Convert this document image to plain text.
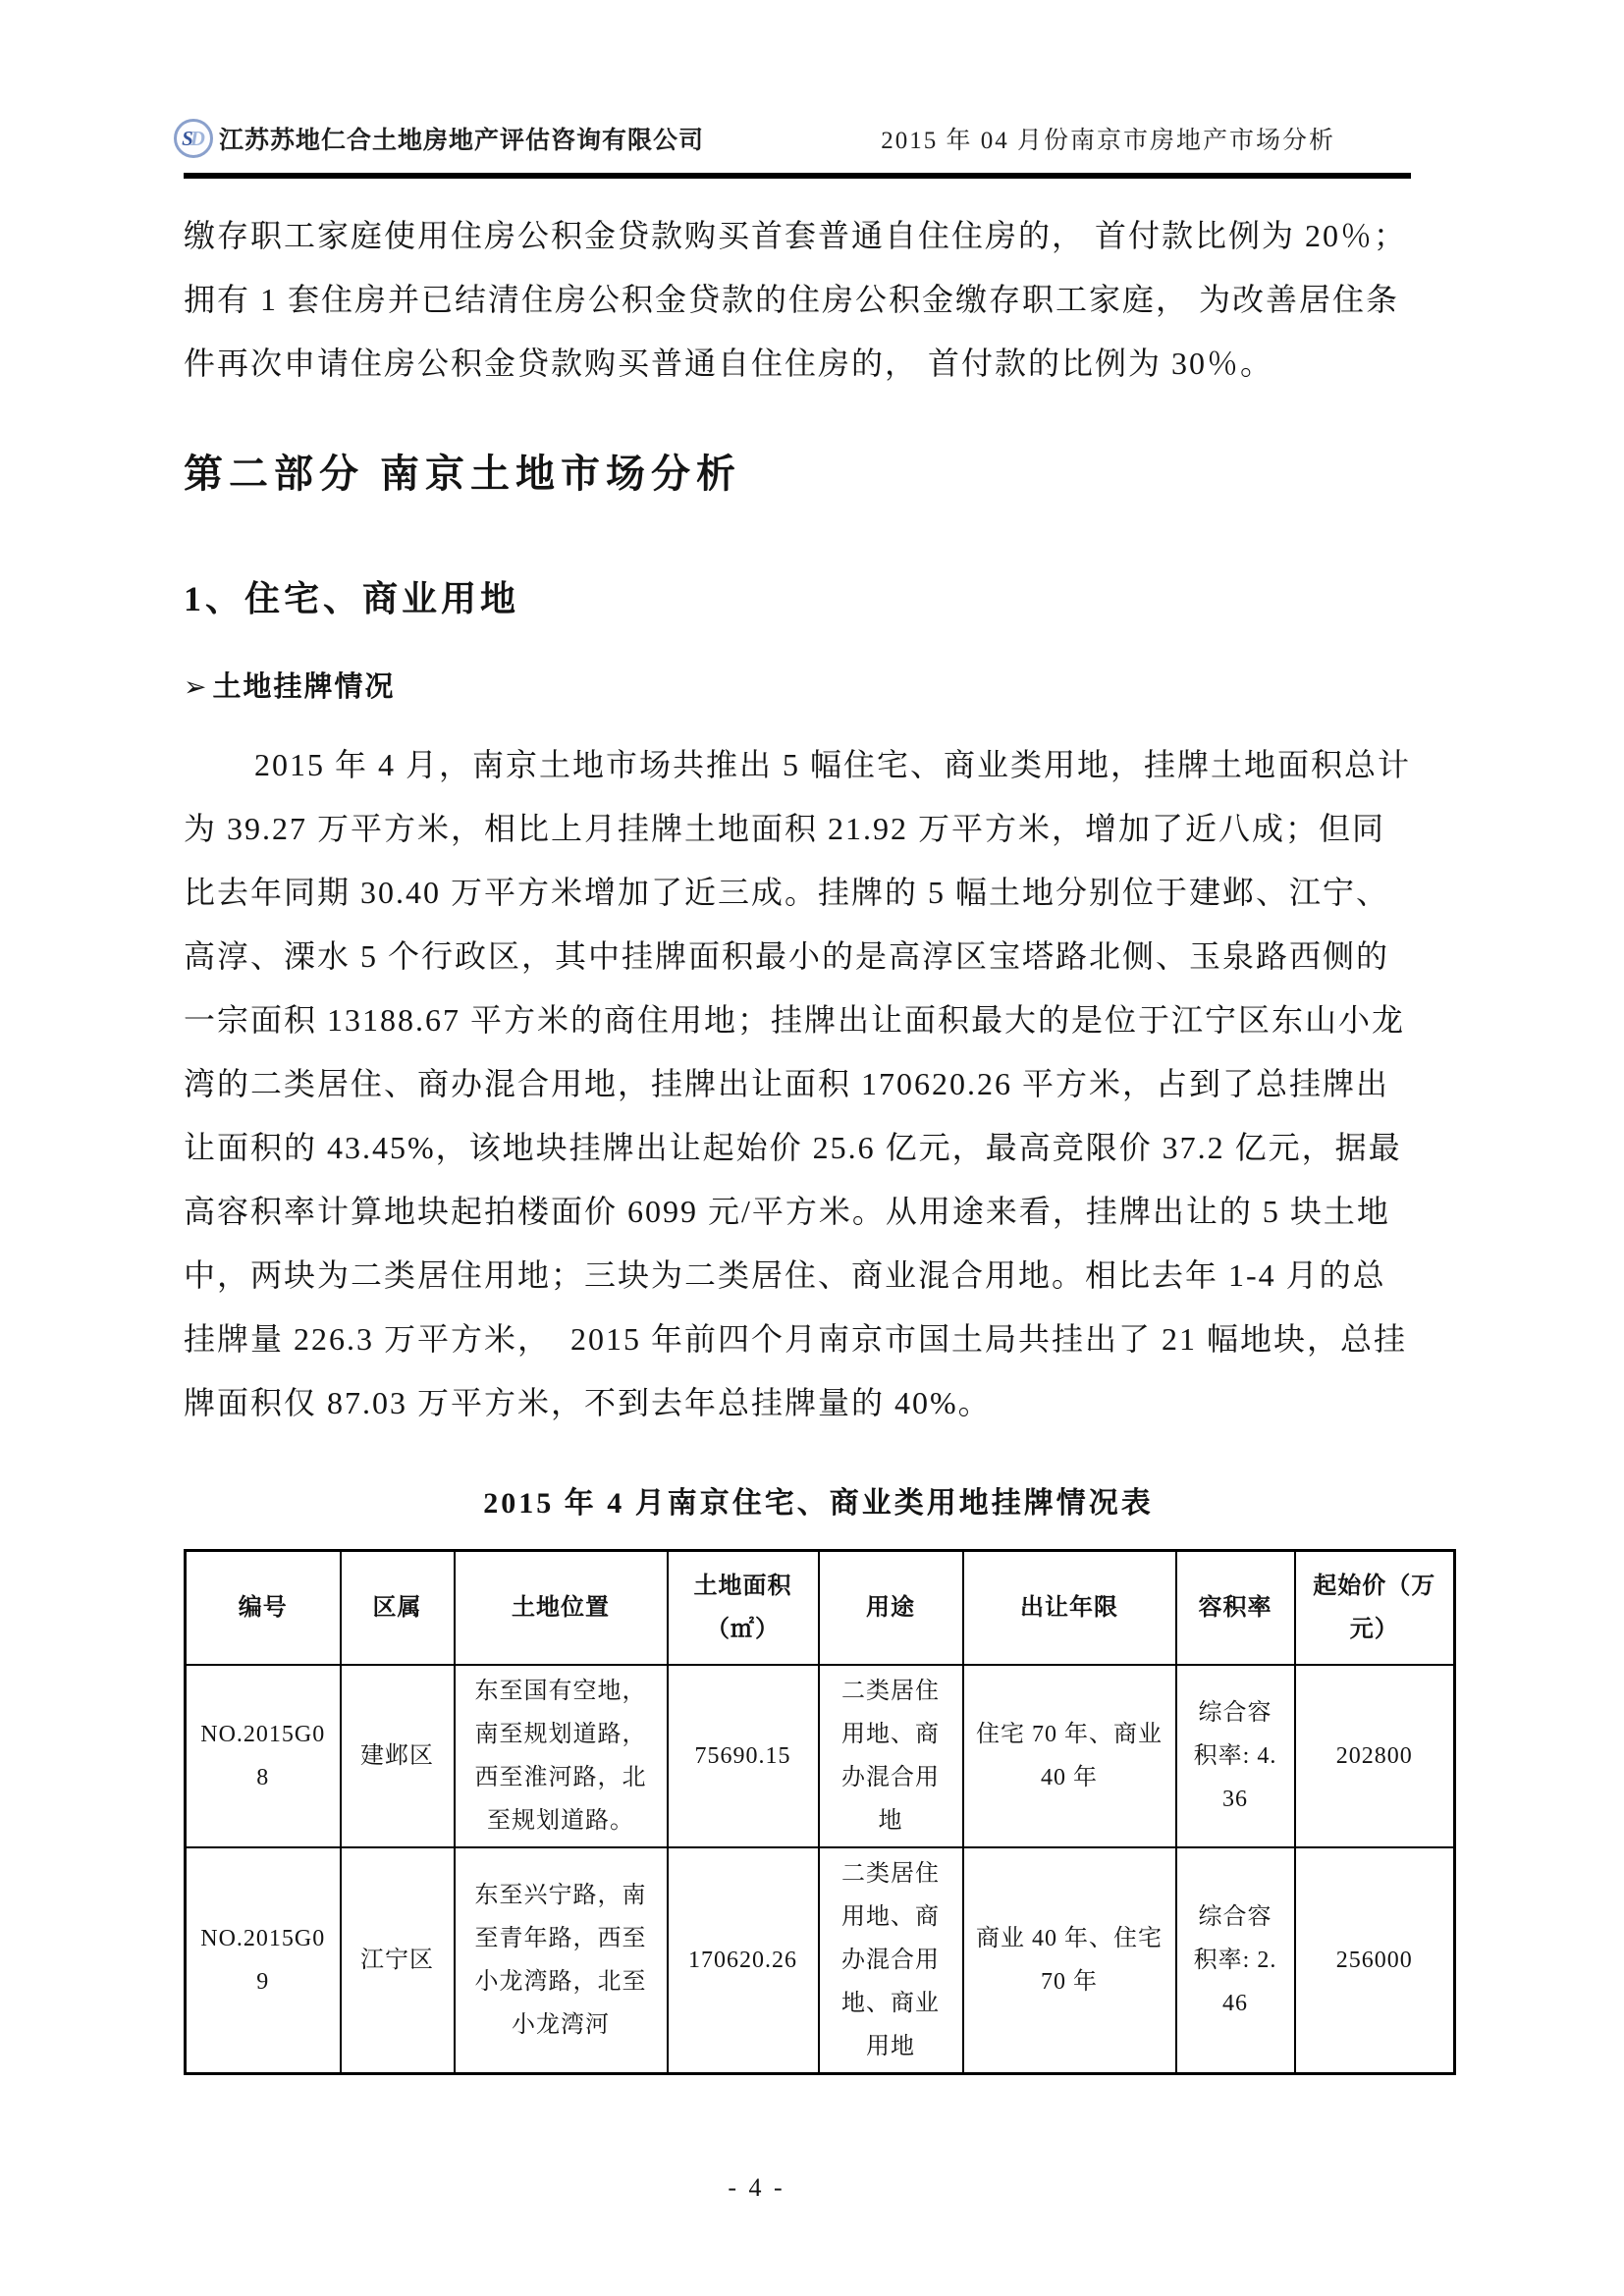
SD 江苏苏地仁合土地房地产评估咨询有限公司	2015 年 04 月份南京市房地产市场分析
缴存职工家庭使用住房公积金贷款购买首套普通自住住房的， 首付款比例为 20％；
拥有 1 套住房并已结清住房公积金贷款的住房公积金缴存职工家庭， 为改善居住条
件再次申请住房公积金贷款购买普通自住住房的， 首付款的比例为 30％。
第二部分 南京土地市场分析
1、住宅、商业用地
➢ 土地挂牌情况
2015 年 4 月，南京土地市场共推出 5 幅住宅、商业类用地，挂牌土地面积总计
为 39.27 万平方米，相比上月挂牌土地面积 21.92 万平方米，增加了近八成；但同
比去年同期 30.40 万平方米增加了近三成。挂牌的 5 幅土地分别位于建邺、江宁、
高淳、溧水 5 个行政区，其中挂牌面积最小的是高淳区宝塔路北侧、玉泉路西侧的
一宗面积 13188.67 平方米的商住用地；挂牌出让面积最大的是位于江宁区东山小龙
湾的二类居住、商办混合用地，挂牌出让面积 170620.26 平方米，占到了总挂牌出
让面积的 43.45%，该地块挂牌出让起始价 25.6 亿元，最高竞限价 37.2 亿元，据最
高容积率计算地块起拍楼面价 6099 元/平方米。从用途来看，挂牌出让的 5 块土地
中，两块为二类居住用地；三块为二类居住、商业混合用地。相比去年 1-4 月的总
挂牌量 226.3 万平方米，  2015 年前四个月南京市国土局共挂出了 21 幅地块，总挂
牌面积仅 87.03 万平方米，不到去年总挂牌量的 40%。
2015 年 4 月南京住宅、商业类用地挂牌情况表
编号	区属	土地位置	土地面积（㎡）	用途	出让年限	容积率	起始价（万元）
NO.2015G08	建邺区	东至国有空地，南至规划道路，西至淮河路，北至规划道路。	75690.15	二类居住用地、商办混合用地	住宅 70 年、商业 40 年	综合容积率: 4.36	202800
NO.2015G09	江宁区	东至兴宁路，南至青年路，西至小龙湾路，北至小龙湾河	170620.26	二类居住用地、商办混合用地、商业用地	商业 40 年、住宅 70 年	综合容积率: 2.46	256000
- 4 -
